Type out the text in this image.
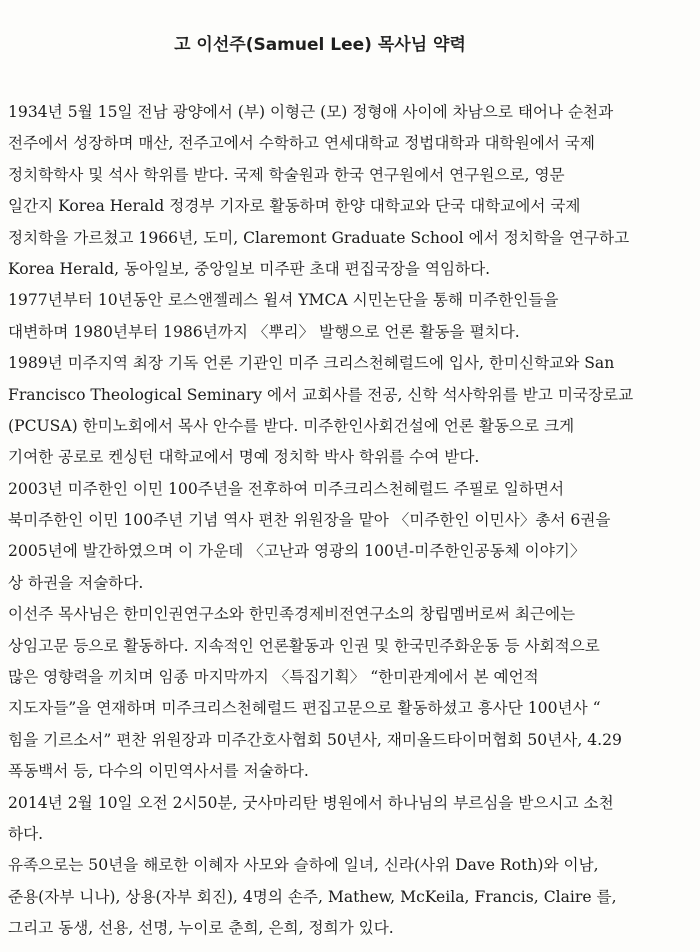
고 이선주(Samuel Lee) 목사님 약력
1934년 5월 15일 전남 광양에서 (부) 이형근 (모) 정형애 사이에 차남으로 태어나 순천과
전주에서 성장하며 매산, 전주고에서 수학하고 연세대학교 정법대학과 대학원에서 국제
정치학학사 및 석사 학위를 받다. 국제 학술원과 한국 연구원에서 연구원으로, 영문
일간지 Korea Herald 정경부 기자로 활동하며 한양 대학교와 단국 대학교에서 국제
정치학을 가르쳤고 1966년, 도미, Claremont Graduate School 에서 정치학을 연구하고
Korea Herald, 동아일보, 중앙일보 미주판 초대 편집국장을 역임하다.
1977년부터 10년동안 로스앤젤레스 윌셔 YMCA 시민논단을 통해 미주한인들을
대변하며 1980년부터 1986년까지 〈뿌리〉 발행으로 언론 활동을 펼치다.
1989년 미주지역 최장 기독 언론 기관인 미주 크리스천헤럴드에 입사, 한미신학교와 San
Francisco Theological Seminary 에서 교회사를 전공, 신학 석사학위를 받고 미국장로교
(PCUSA) 한미노회에서 목사 안수를 받다. 미주한인사회건설에 언론 활동으로 크게
기여한 공로로 켄싱턴 대학교에서 명예 정치학 박사 학위를 수여 받다.
2003년 미주한인 이민 100주년을 전후하여 미주크리스천헤럴드 주필로 일하면서
북미주한인 이민 100주년 기념 역사 편찬 위원장을 맡아 〈미주한인 이민사〉총서 6권을
2005년에 발간하였으며 이 가운데 〈고난과 영광의 100년-미주한인공동체 이야기〉
상 하권을 저술하다.
이선주 목사님은 한미인권연구소와 한민족경제비전연구소의 창립멤버로써 최근에는
상임고문 등으로 활동하다. 지속적인 언론활동과 인권 및 한국민주화운동 등 사회적으로
많은 영향력을 끼치며 임종 마지막까지 〈특집기획〉 “한미관계에서 본 예언적
지도자들”을 연재하며 미주크리스천헤럴드 편집고문으로 활동하셨고 흥사단 100년사 “
힘을 기르소서” 편찬 위원장과 미주간호사협회 50년사, 재미올드타이머협회 50년사, 4.29
폭동백서 등, 다수의 이민역사서를 저술하다.
2014년 2월 10일 오전 2시50분, 굿사마리탄 병원에서 하나님의 부르심을 받으시고 소천
하다.
유족으로는 50년을 해로한 이혜자 사모와 슬하에 일녀, 신라(사위 Dave Roth)와 이남,
준용(자부 니나), 상용(자부 회진), 4명의 손주, Mathew, McKeila, Francis, Claire 를,
그리고 동생, 선용, 선명, 누이로 춘희, 은희, 정희가 있다.
